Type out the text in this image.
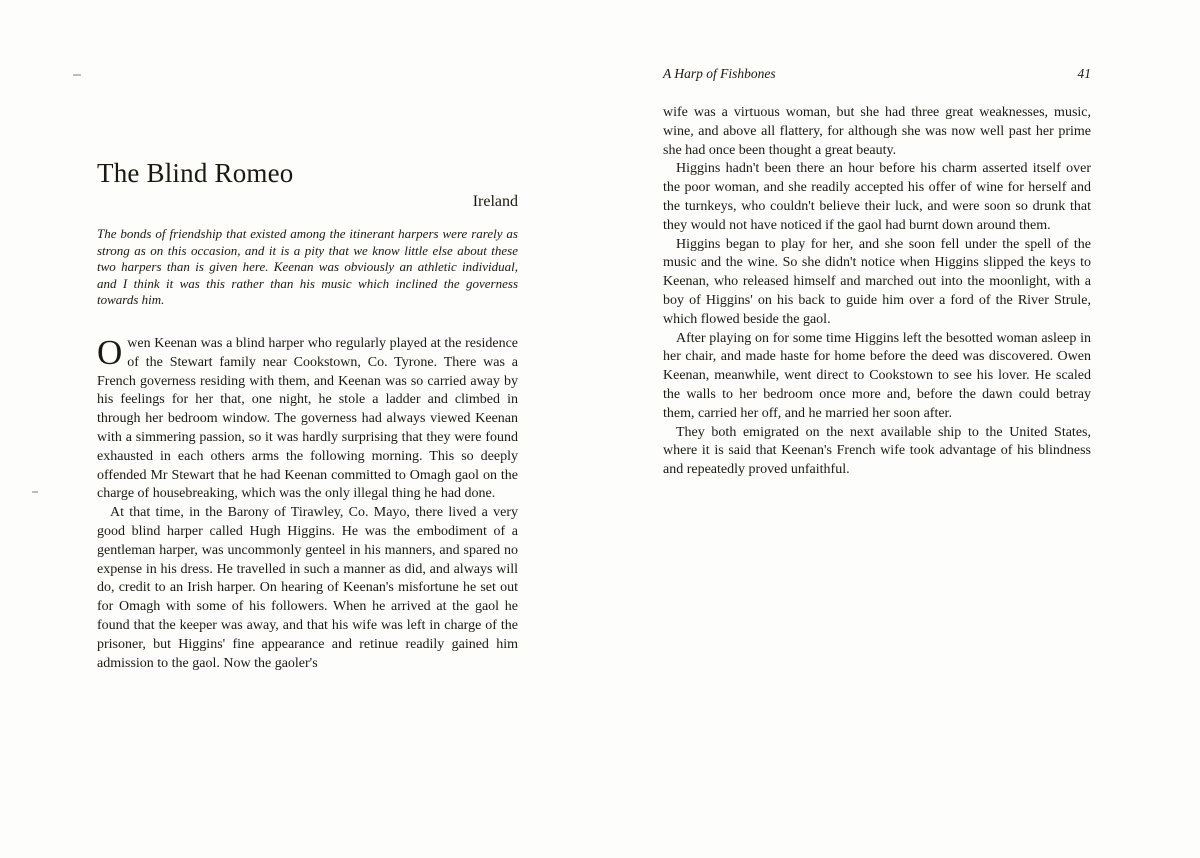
The Blind Romeo
Ireland

The bonds of friendship that existed among the itinerant harpers were rarely as strong as on this occasion, and it is a pity that we know little else about these two harpers than is given here. Keenan was obviously an athletic individual, and I think it was this rather than his music which inclined the governess towards him.

Owen Keenan was a blind harper who regularly played at the residence of the Stewart family near Cookstown, Co. Tyrone. There was a French governess residing with them, and Keenan was so carried away by his feelings for her that, one night, he stole a ladder and climbed in through her bedroom window. The governess had always viewed Keenan with a simmering passion, so it was hardly surprising that they were found exhausted in each others arms the following morning. This so deeply offended Mr Stewart that he had Keenan committed to Omagh gaol on the charge of housebreaking, which was the only illegal thing he had done.

At that time, in the Barony of Tirawley, Co. Mayo, there lived a very good blind harper called Hugh Higgins. He was the embodiment of a gentleman harper, was uncommonly genteel in his manners, and spared no expense in his dress. He travelled in such a manner as did, and always will do, credit to an Irish harper. On hearing of Keenan's misfortune he set out for Omagh with some of his followers. When he arrived at the gaol he found that the keeper was away, and that his wife was left in charge of the prisoner, but Higgins' fine appearance and retinue readily gained him admission to the gaol. Now the gaoler's

A Harp of Fishbones	41

wife was a virtuous woman, but she had three great weaknesses, music, wine, and above all flattery, for although she was now well past her prime she had once been thought a great beauty.

Higgins hadn't been there an hour before his charm asserted itself over the poor woman, and she readily accepted his offer of wine for herself and the turnkeys, who couldn't believe their luck, and were soon so drunk that they would not have noticed if the gaol had burnt down around them.

Higgins began to play for her, and she soon fell under the spell of the music and the wine. So she didn't notice when Higgins slipped the keys to Keenan, who released himself and marched out into the moonlight, with a boy of Higgins' on his back to guide him over a ford of the River Strule, which flowed beside the gaol.

After playing on for some time Higgins left the besotted woman asleep in her chair, and made haste for home before the deed was discovered. Owen Keenan, meanwhile, went direct to Cookstown to see his lover. He scaled the walls to her bedroom once more and, before the dawn could betray them, carried her off, and he married her soon after.

They both emigrated on the next available ship to the United States, where it is said that Keenan's French wife took advantage of his blindness and repeatedly proved unfaithful.
